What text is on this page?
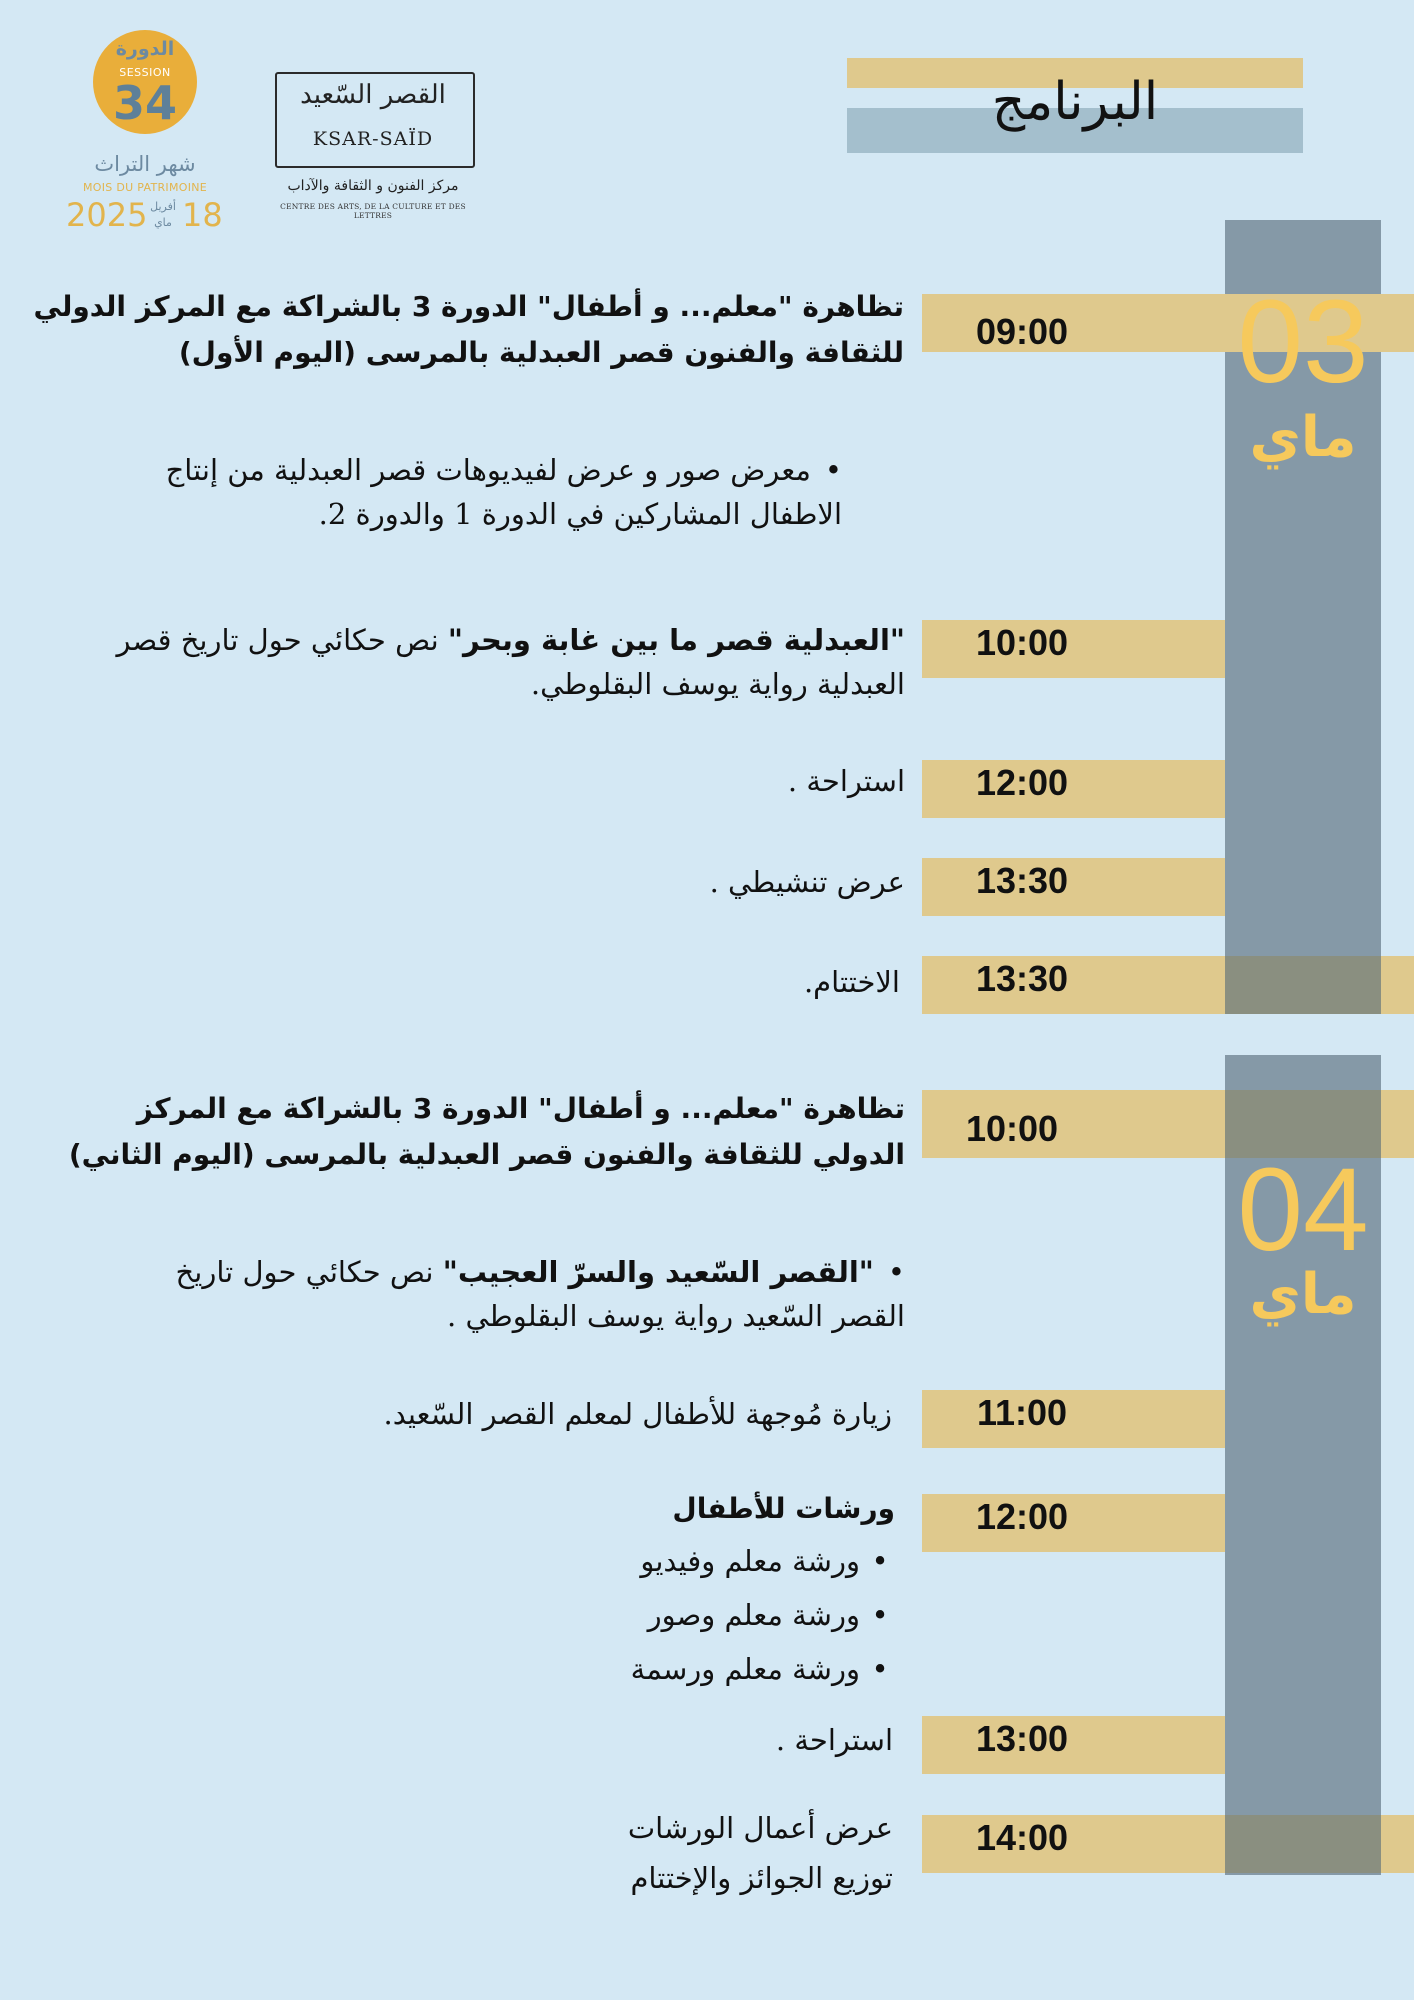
البرنامج
القصر السّعيد
KSAR-SAÏD
مركز الفنون و الثقافة والآداب
CENTRE DES ARTS, DE LA CULTURE ET DES LETTRES
الدورة
SESSION
34
شهر التراث
MOIS DU PATRIMOINE
2025 أفريل
ماي 18
09:00	03
ماي
تظاهرة "معلم... و أطفال" الدورة 3 بالشراكة مع المركز الدولي للثقافة والفنون قصر العبدلية بالمرسى (اليوم الأول)
•معرض صور و عرض لفيديوهات قصر العبدلية من إنتاج الاطفال المشاركين في الدورة 1 والدورة 2.
10:00
"العبدلية قصر ما بين غابة وبحر" نص حكائي حول تاريخ قصر العبدلية رواية يوسف البقلوطي.
12:00
استراحة .
13:30
عرض تنشيطي .
13:30
الاختتام.
10:00
04
ماي
تظاهرة "معلم... و أطفال" الدورة 3 بالشراكة مع المركز الدولي للثقافة والفنون قصر العبدلية بالمرسى (اليوم الثاني)
•"القصر السّعيد والسرّ العجيب" نص حكائي حول تاريخ القصر السّعيد رواية يوسف البقلوطي .
11:00
زيارة مُوجهة للأطفال لمعلم القصر السّعيد.
12:00
ورشات للأطفال
• ورشة معلم وفيديو
• ورشة معلم وصور
• ورشة معلم ورسمة
13:00
استراحة .
14:00
عرض أعمال الورشات
توزيع الجوائز والإختتام
